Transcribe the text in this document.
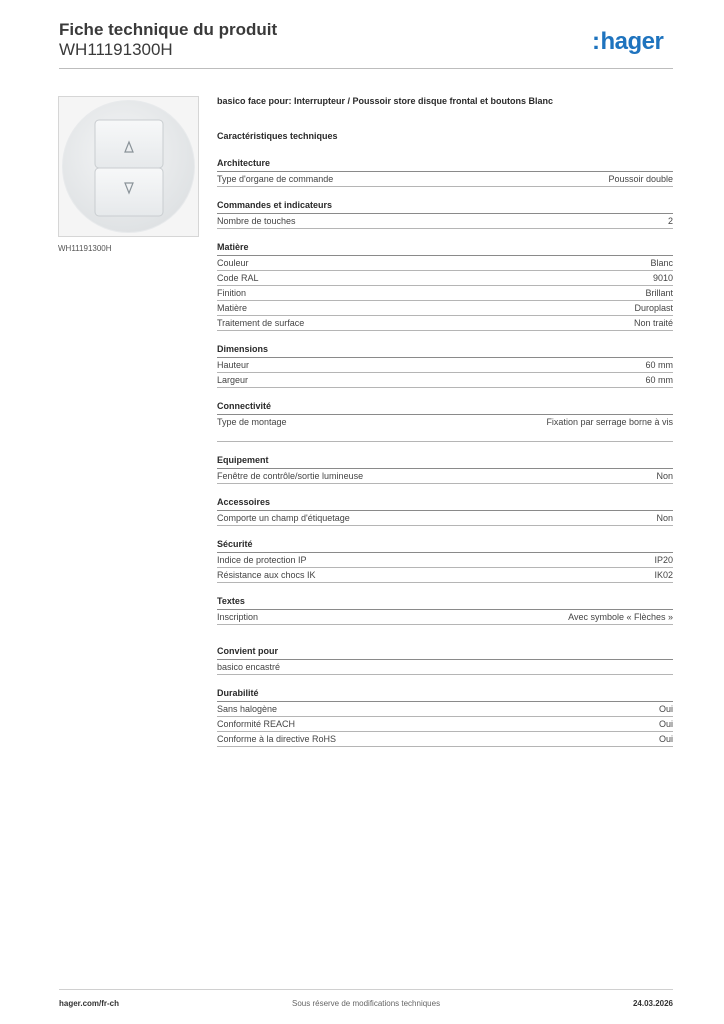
Fiche technique du produit
WH11191300H	:hager
WH11191300H
basico face pour: Interrupteur / Poussoir store disque frontal et boutons Blanc
Caractéristiques techniques
Architecture
Type d'organe de commande	Poussoir double
Commandes et indicateurs
Nombre de touches	2
Matière
Couleur	Blanc
Code RAL	9010
Finition	Brillant
Matière	Duroplast
Traitement de surface	Non traité
Dimensions
Hauteur	60 mm
Largeur	60 mm
Connectivité
Type de montage	Fixation par serrage borne à vis
Equipement
Fenêtre de contrôle/sortie lumineuse	Non
Accessoires
Comporte un champ d'étiquetage	Non
Sécurité
Indice de protection IP	IP20
Résistance aux chocs IK	IK02
Textes
Inscription	Avec symbole « Flèches »
Convient pour
basico encastré
Durabilité
Sans halogène	Oui
Conformité REACH	Oui
Conforme à la directive RoHS	Oui
hager.com/fr-ch	Sous réserve de modifications techniques	24.03.2026
